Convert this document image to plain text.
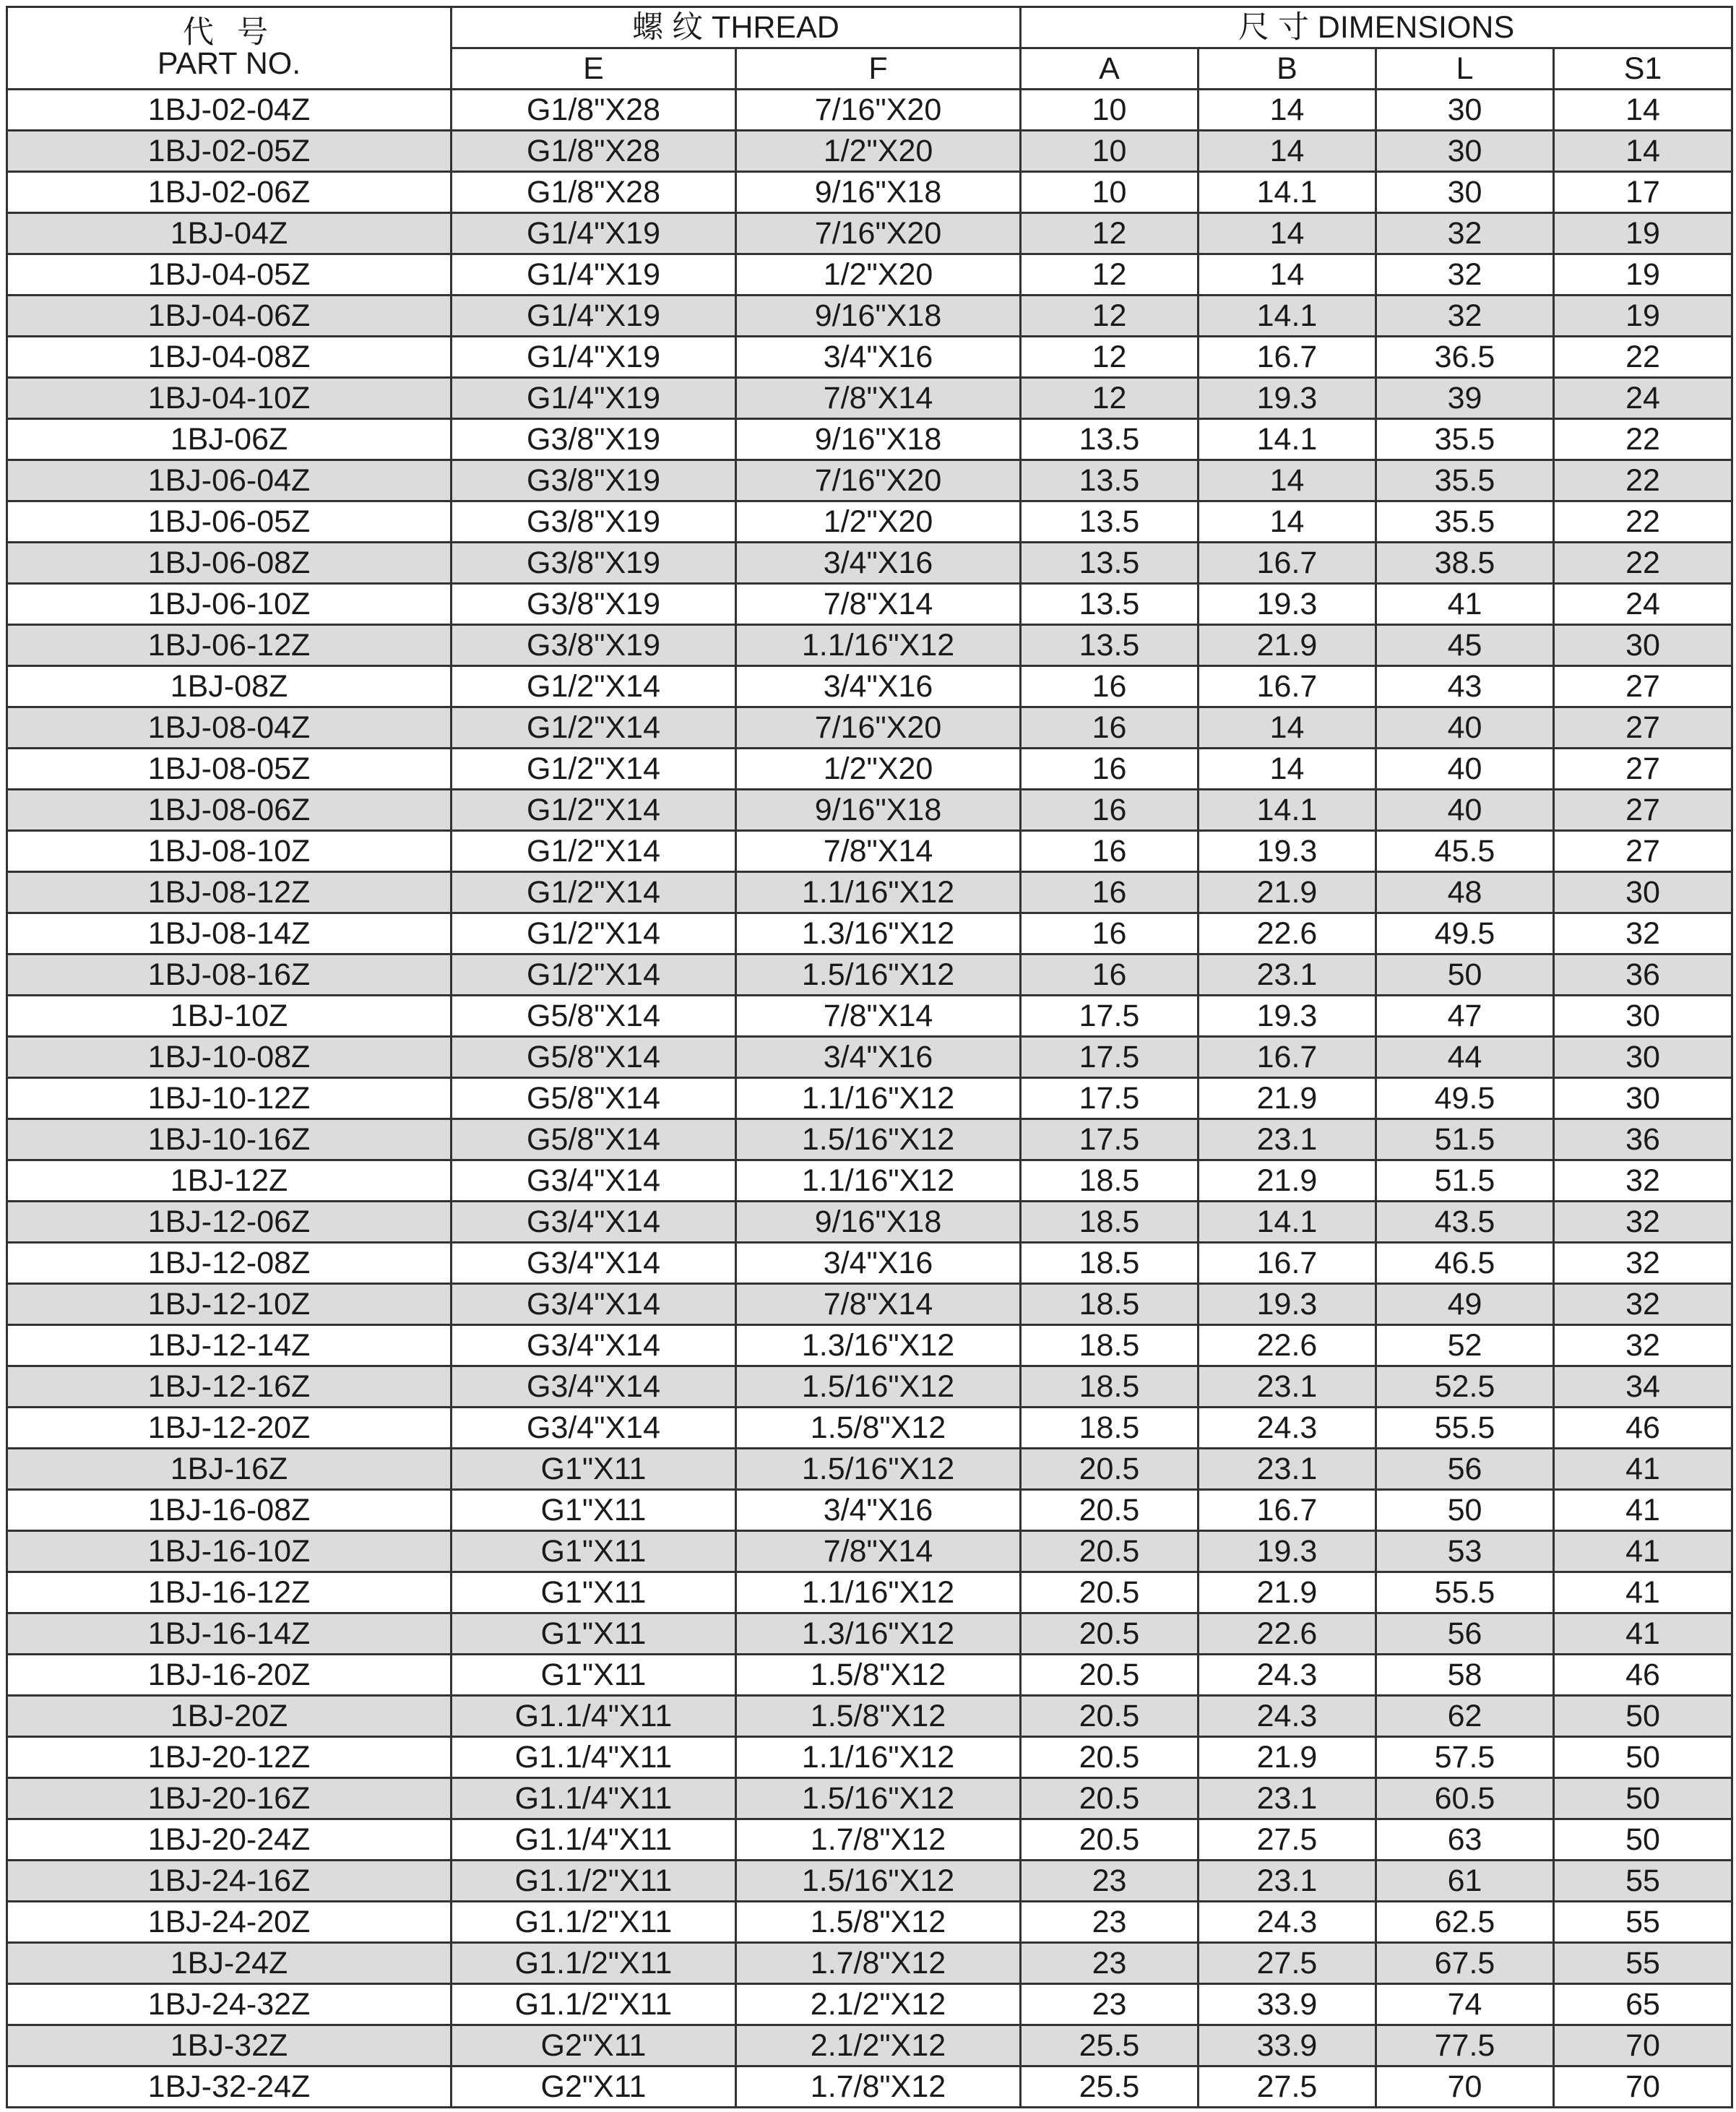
代 号
PART NO.	螺 纹 THREAD		尺 寸 DIMENSIONS			
	E	F	A	B	L	S1
1BJ-02-04Z	G1/8"X28	7/16"X20	10	14	30	14
1BJ-02-05Z	G1/8"X28	1/2"X20	10	14	30	14
1BJ-02-06Z	G1/8"X28	9/16"X18	10	14.1	30	17
1BJ-04Z	G1/4"X19	7/16"X20	12	14	32	19
1BJ-04-05Z	G1/4"X19	1/2"X20	12	14	32	19
1BJ-04-06Z	G1/4"X19	9/16"X18	12	14.1	32	19
1BJ-04-08Z	G1/4"X19	3/4"X16	12	16.7	36.5	22
1BJ-04-10Z	G1/4"X19	7/8"X14	12	19.3	39	24
1BJ-06Z	G3/8"X19	9/16"X18	13.5	14.1	35.5	22
1BJ-06-04Z	G3/8"X19	7/16"X20	13.5	14	35.5	22
1BJ-06-05Z	G3/8"X19	1/2"X20	13.5	14	35.5	22
1BJ-06-08Z	G3/8"X19	3/4"X16	13.5	16.7	38.5	22
1BJ-06-10Z	G3/8"X19	7/8"X14	13.5	19.3	41	24
1BJ-06-12Z	G3/8"X19	1.1/16"X12	13.5	21.9	45	30
1BJ-08Z	G1/2"X14	3/4"X16	16	16.7	43	27
1BJ-08-04Z	G1/2"X14	7/16"X20	16	14	40	27
1BJ-08-05Z	G1/2"X14	1/2"X20	16	14	40	27
1BJ-08-06Z	G1/2"X14	9/16"X18	16	14.1	40	27
1BJ-08-10Z	G1/2"X14	7/8"X14	16	19.3	45.5	27
1BJ-08-12Z	G1/2"X14	1.1/16"X12	16	21.9	48	30
1BJ-08-14Z	G1/2"X14	1.3/16"X12	16	22.6	49.5	32
1BJ-08-16Z	G1/2"X14	1.5/16"X12	16	23.1	50	36
1BJ-10Z	G5/8"X14	7/8"X14	17.5	19.3	47	30
1BJ-10-08Z	G5/8"X14	3/4"X16	17.5	16.7	44	30
1BJ-10-12Z	G5/8"X14	1.1/16"X12	17.5	21.9	49.5	30
1BJ-10-16Z	G5/8"X14	1.5/16"X12	17.5	23.1	51.5	36
1BJ-12Z	G3/4"X14	1.1/16"X12	18.5	21.9	51.5	32
1BJ-12-06Z	G3/4"X14	9/16"X18	18.5	14.1	43.5	32
1BJ-12-08Z	G3/4"X14	3/4"X16	18.5	16.7	46.5	32
1BJ-12-10Z	G3/4"X14	7/8"X14	18.5	19.3	49	32
1BJ-12-14Z	G3/4"X14	1.3/16"X12	18.5	22.6	52	32
1BJ-12-16Z	G3/4"X14	1.5/16"X12	18.5	23.1	52.5	34
1BJ-12-20Z	G3/4"X14	1.5/8"X12	18.5	24.3	55.5	46
1BJ-16Z	G1"X11	1.5/16"X12	20.5	23.1	56	41
1BJ-16-08Z	G1"X11	3/4"X16	20.5	16.7	50	41
1BJ-16-10Z	G1"X11	7/8"X14	20.5	19.3	53	41
1BJ-16-12Z	G1"X11	1.1/16"X12	20.5	21.9	55.5	41
1BJ-16-14Z	G1"X11	1.3/16"X12	20.5	22.6	56	41
1BJ-16-20Z	G1"X11	1.5/8"X12	20.5	24.3	58	46
1BJ-20Z	G1.1/4"X11	1.5/8"X12	20.5	24.3	62	50
1BJ-20-12Z	G1.1/4"X11	1.1/16"X12	20.5	21.9	57.5	50
1BJ-20-16Z	G1.1/4"X11	1.5/16"X12	20.5	23.1	60.5	50
1BJ-20-24Z	G1.1/4"X11	1.7/8"X12	20.5	27.5	63	50
1BJ-24-16Z	G1.1/2"X11	1.5/16"X12	23	23.1	61	55
1BJ-24-20Z	G1.1/2"X11	1.5/8"X12	23	24.3	62.5	55
1BJ-24Z	G1.1/2"X11	1.7/8"X12	23	27.5	67.5	55
1BJ-24-32Z	G1.1/2"X11	2.1/2"X12	23	33.9	74	65
1BJ-32Z	G2"X11	2.1/2"X12	25.5	33.9	77.5	70
1BJ-32-24Z	G2"X11	1.7/8"X12	25.5	27.5	70	70
